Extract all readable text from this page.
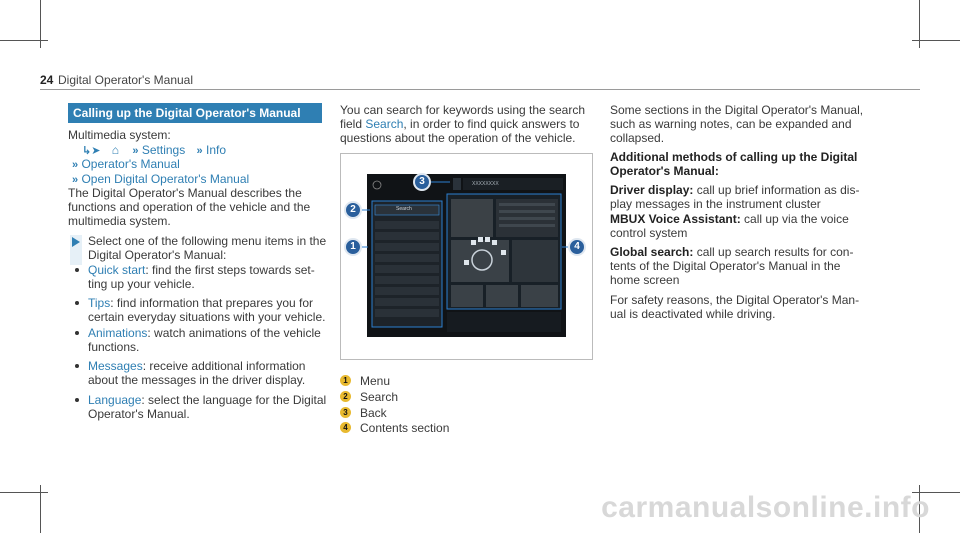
24 Digital Operator's Manual
Calling up the Digital Operator's Manual
Multimedia system:
↳➤ ⌂ » Settings » Info
» Operator's Manual
» Open Digital Operator's Manual
The Digital Operator's Manual describes the
functions and operation of the vehicle and the
multimedia system.
Select one of the following menu items in the
Digital Operator's Manual:
Quick start: find the first steps towards set-
ting up your vehicle.
Tips: find information that prepares you for
certain everyday situations with your vehicle.
Animations: watch animations of the vehicle
functions.
Messages: receive additional information
about the messages in the driver display.
Language: select the language for the Digital
Operator's Manual.
You can search for keywords using the search
field Search, in order to find quick answers to
questions about the operation of the vehicle.
Search
XXXXXXXX
1
2
3
4
1 Menu
2 Search
3 Back
4 Contents section
Some sections in the Digital Operator's Manual,
such as warning notes, can be expanded and
collapsed.
Additional methods of calling up the Digital
Operator's Manual:
Driver display: call up brief information as dis-
play messages in the instrument cluster
MBUX Voice Assistant: call up via the voice
control system
Global search: call up search results for con-
tents of the Digital Operator's Manual in the
home screen
For safety reasons, the Digital Operator's Man-
ual is deactivated while driving.
carmanualsonline.info
